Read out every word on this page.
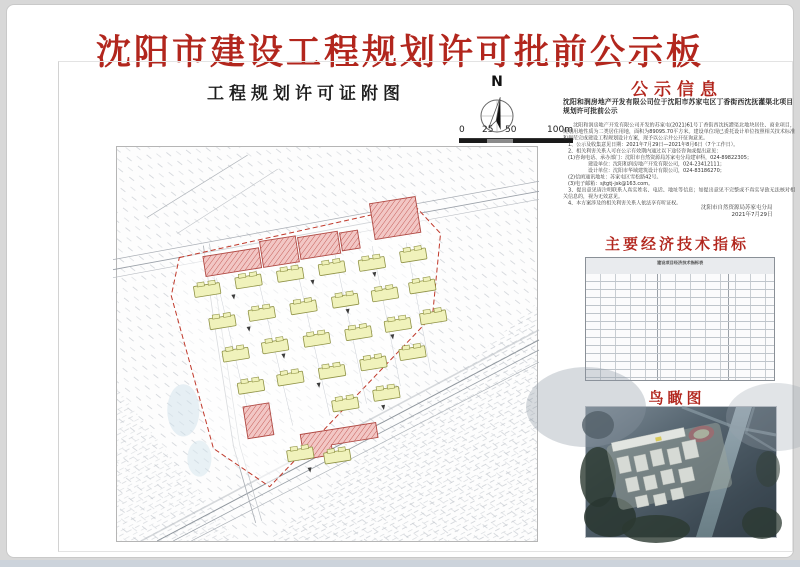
沈阳市建设工程规划许可批前公示板
工程规划许可证附图
N
0 25 50	100m
公示信息
沈阳和润房地产开发有限公司位于沈阳市苏家屯区丁香街西沈抚灌渠北项目规划许可批前公示

　　沈阳和润房地产开发有限公司开发的苏家屯(2021)61号丁香街西沈抚灌渠北地块居住、商业项目，规划用地性质为二类居住用地，面积为89095.70平方米。建设单位现已委托设计单位按照相关技术标准和规范完成建设工程规划设计方案，现予以公示并公开征询意见。

　1、公示及收集意见日期：2021年7月29日—2021年8月6日（7个工作日）。

　2、相关利害关系人可在公示有效期内通过以下途径咨询或提出意见：

　(1)咨询电话、承办部门：沈阳市自然资源局苏家屯分局建审科，024-89822305；

　　　　　建设单位：沈阳和润房地产开发有限公司，024-23412111；

　　　　　设计单位：沈阳市华域建筑设计有限公司，024-83186270；

　(2)信函通讯地址：苏家屯区雪松路42号。

　(3)电子邮箱：sjtgtj-jsk@163.com。

　3、提出意见请注明联系人真实姓名、电话、地址等信息；如提出意见不完整或不真实导致无法核对相关信息的，视为无效意见。

　4、本方案涉及的相关利害关系人依法享有听证权。

沈阳市自然资源局苏家屯分局
2021年7月29日
主要经济技术指标
建设项目经济技术指标表
鸟瞰图
